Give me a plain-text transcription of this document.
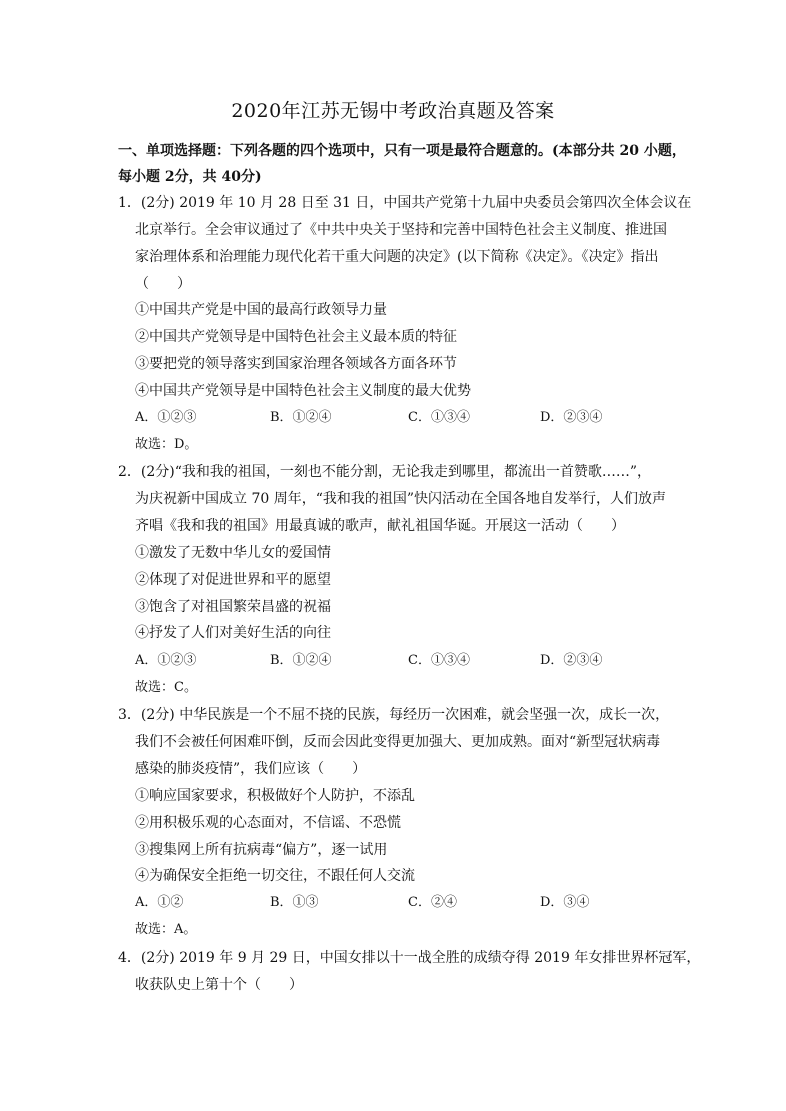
2020年江苏无锡中考政治真题及答案
一、单项选择题：下列各题的四个选项中，只有一项是最符合题意的。(本部分共 20 小题，
每小题 2分，共 40分)
1．(2分) 2019 年 10 月 28 日至 31 日，中国共产党第十九届中央委员会第四次全体会议在
北京举行。全会审议通过了《中共中央关于坚持和完善中国特色社会主义制度、推进国
家治理体系和治理能力现代化若干重大问题的决定》(以下简称《决定》。《决定》指出
（　　）
①中国共产党是中国的最高行政领导力量
②中国共产党领导是中国特色社会主义最本质的特征
③要把党的领导落实到国家治理各领域各方面各环节
④中国共产党领导是中国特色社会主义制度的最大优势
A．①②③	B．①②④	C．①③④	D．②③④
故选：D。
2．(2分)“我和我的祖国，一刻也不能分割，无论我走到哪里，都流出一首赞歌……”，
为庆祝新中国成立 70 周年，“我和我的祖国”快闪活动在全国各地自发举行，人们放声
齐唱《我和我的祖国》用最真诚的歌声，献礼祖国华诞。开展这一活动（　　）
①激发了无数中华儿女的爱国情
②体现了对促进世界和平的愿望
③饱含了对祖国繁荣昌盛的祝福
④抒发了人们对美好生活的向往
A．①②③	B．①②④	C．①③④	D．②③④
故选：C。
3．(2分) 中华民族是一个不屈不挠的民族，每经历一次困难，就会坚强一次，成长一次，
我们不会被任何困难吓倒，反而会因此变得更加强大、更加成熟。面对“新型冠状病毒
感染的肺炎疫情”，我们应该（　　）
①响应国家要求，积极做好个人防护，不添乱
②用积极乐观的心态面对，不信谣、不恐慌
③搜集网上所有抗病毒“偏方”，逐一试用
④为确保安全拒绝一切交往，不跟任何人交流
A．①②	B．①③	C．②④	D．③④
故选：A。
4．(2分) 2019 年 9 月 29 日，中国女排以十一战全胜的成绩夺得 2019 年女排世界杯冠军，
收获队史上第十个（　　）
